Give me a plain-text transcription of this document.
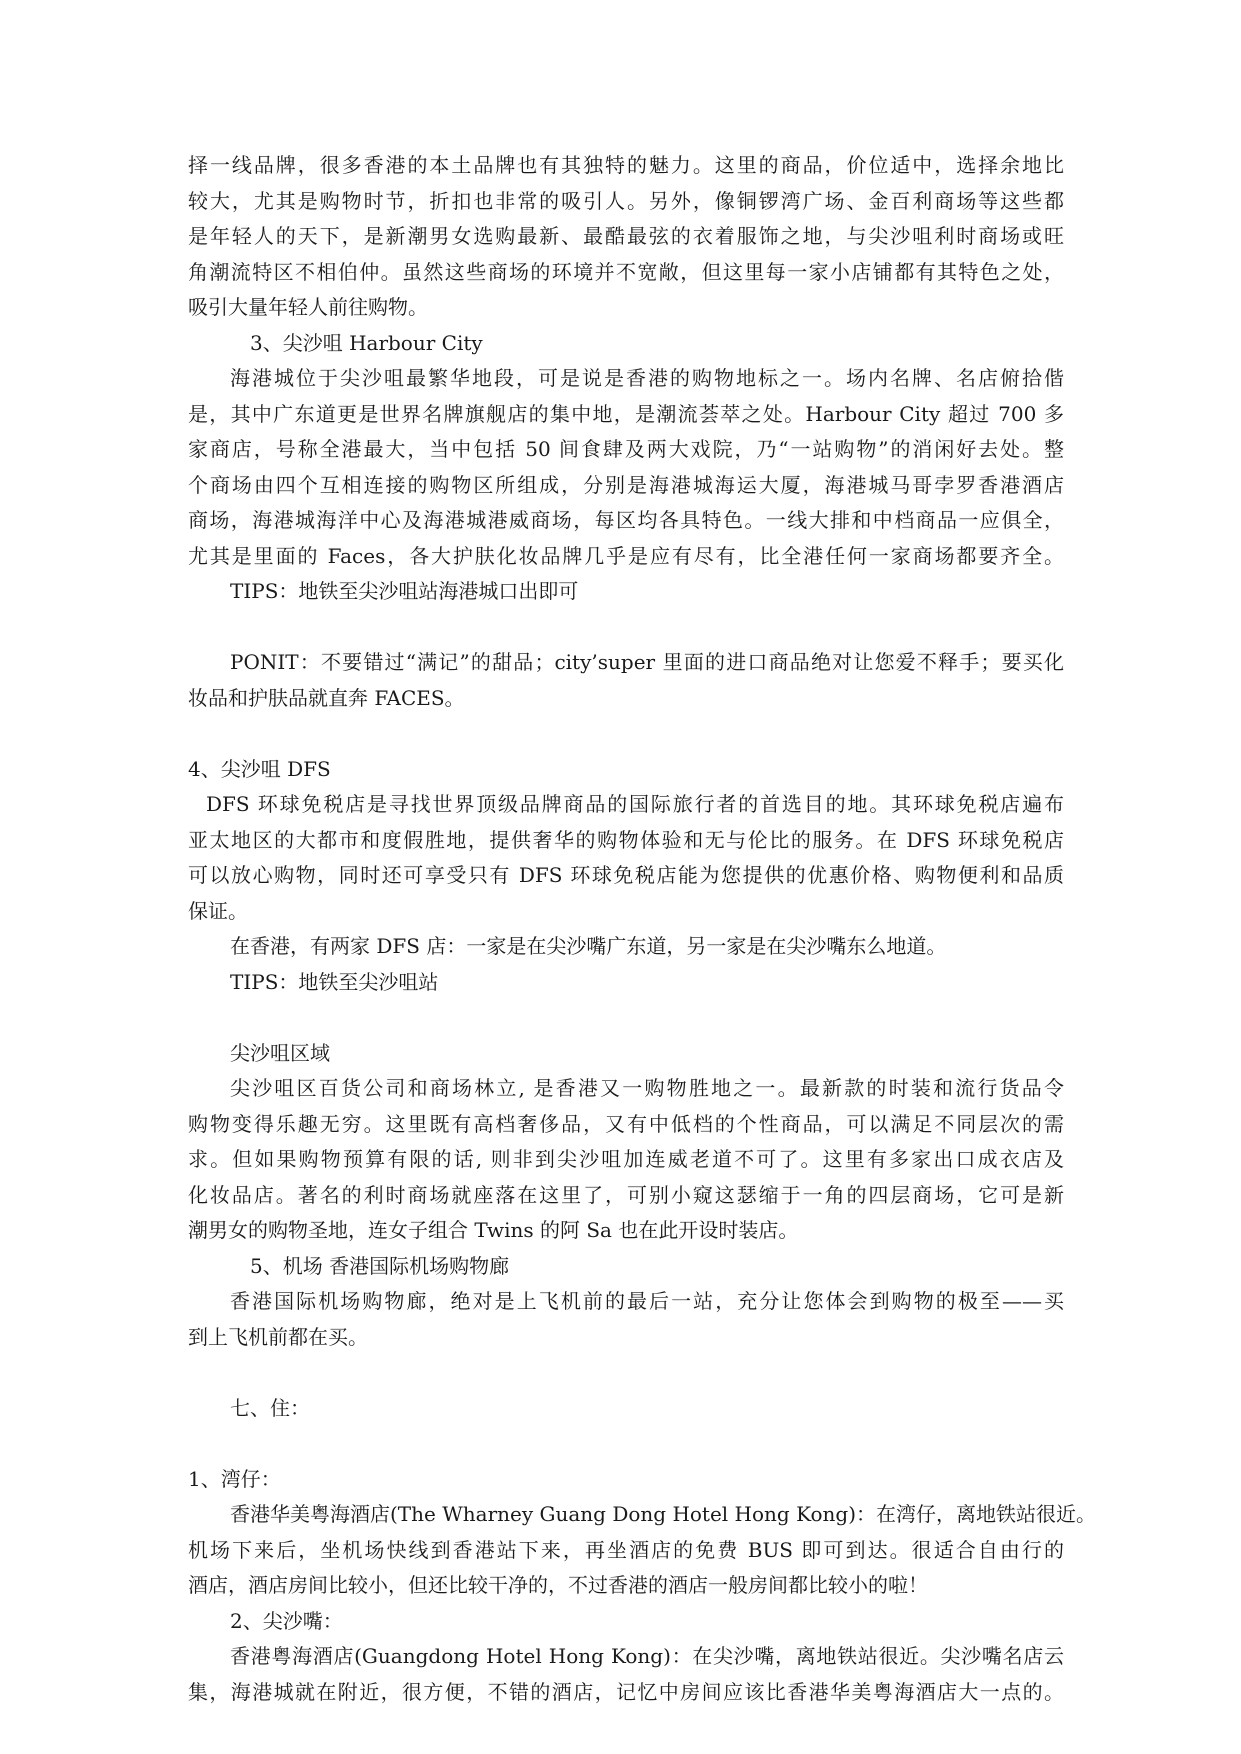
择一线品牌，很多香港的本土品牌也有其独特的魅力。这里的商品，价位适中，选择余地比

较大，尤其是购物时节，折扣也非常的吸引人。另外，像铜锣湾广场、金百利商场等这些都

是年轻人的天下，是新潮男女选购最新、最酷最弦的衣着服饰之地，与尖沙咀利时商场或旺

角潮流特区不相伯仲。虽然这些商场的环境并不宽敞，但这里每一家小店铺都有其特色之处，

吸引大量年轻人前往购物。

3、尖沙咀 Harbour City

海港城位于尖沙咀最繁华地段，可是说是香港的购物地标之一。场内名牌、名店俯拾偕

是，其中广东道更是世界名牌旗舰店的集中地，是潮流荟萃之处。Harbour City 超过 700 多

家商店，号称全港最大，当中包括 50 间食肆及两大戏院，乃“一站购物”的消闲好去处。整

个商场由四个互相连接的购物区所组成，分别是海港城海运大厦，海港城马哥孛罗香港酒店

商场，海港城海洋中心及海港城港威商场，每区均各具特色。一线大排和中档商品一应俱全，

尤其是里面的 Faces，各大护肤化妆品牌几乎是应有尽有，比全港任何一家商场都要齐全。

TIPS：地铁至尖沙咀站海港城口出即可

PONIT：不要错过“满记”的甜品；city’super 里面的进口商品绝对让您爱不释手；要买化

妆品和护肤品就直奔 FACES。

4、尖沙咀 DFS

DFS 环球免税店是寻找世界顶级品牌商品的国际旅行者的首选目的地。其环球免税店遍布

亚太地区的大都市和度假胜地，提供奢华的购物体验和无与伦比的服务。在 DFS 环球免税店

可以放心购物，同时还可享受只有 DFS 环球免税店能为您提供的优惠价格、购物便利和品质

保证。

在香港，有两家 DFS 店：一家是在尖沙嘴广东道，另一家是在尖沙嘴东么地道。

TIPS：地铁至尖沙咀站

尖沙咀区域

尖沙咀区百货公司和商场林立, 是香港又一购物胜地之一。最新款的时装和流行货品令

购物变得乐趣无穷。这里既有高档奢侈品，又有中低档的个性商品，可以满足不同层次的需

求。但如果购物预算有限的话, 则非到尖沙咀加连威老道不可了。这里有多家出口成衣店及

化妆品店。著名的利时商场就座落在这里了，可别小窥这瑟缩于一角的四层商场，它可是新

潮男女的购物圣地，连女子组合 Twins 的阿 Sa 也在此开设时装店。

5、机场 香港国际机场购物廊

香港国际机场购物廊，绝对是上飞机前的最后一站，充分让您体会到购物的极至——买

到上飞机前都在买。

七、住：

1、湾仔：

香港华美粤海酒店(The Wharney Guang Dong Hotel Hong Kong)：在湾仔，离地铁站很近。

机场下来后，坐机场快线到香港站下来，再坐酒店的免费 BUS 即可到达。很适合自由行的

酒店，酒店房间比较小，但还比较干净的，不过香港的酒店一般房间都比较小的啦！

2、尖沙嘴：

香港粤海酒店(Guangdong Hotel Hong Kong)：在尖沙嘴，离地铁站很近。尖沙嘴名店云

集，海港城就在附近，很方便，不错的酒店，记忆中房间应该比香港华美粤海酒店大一点的。
